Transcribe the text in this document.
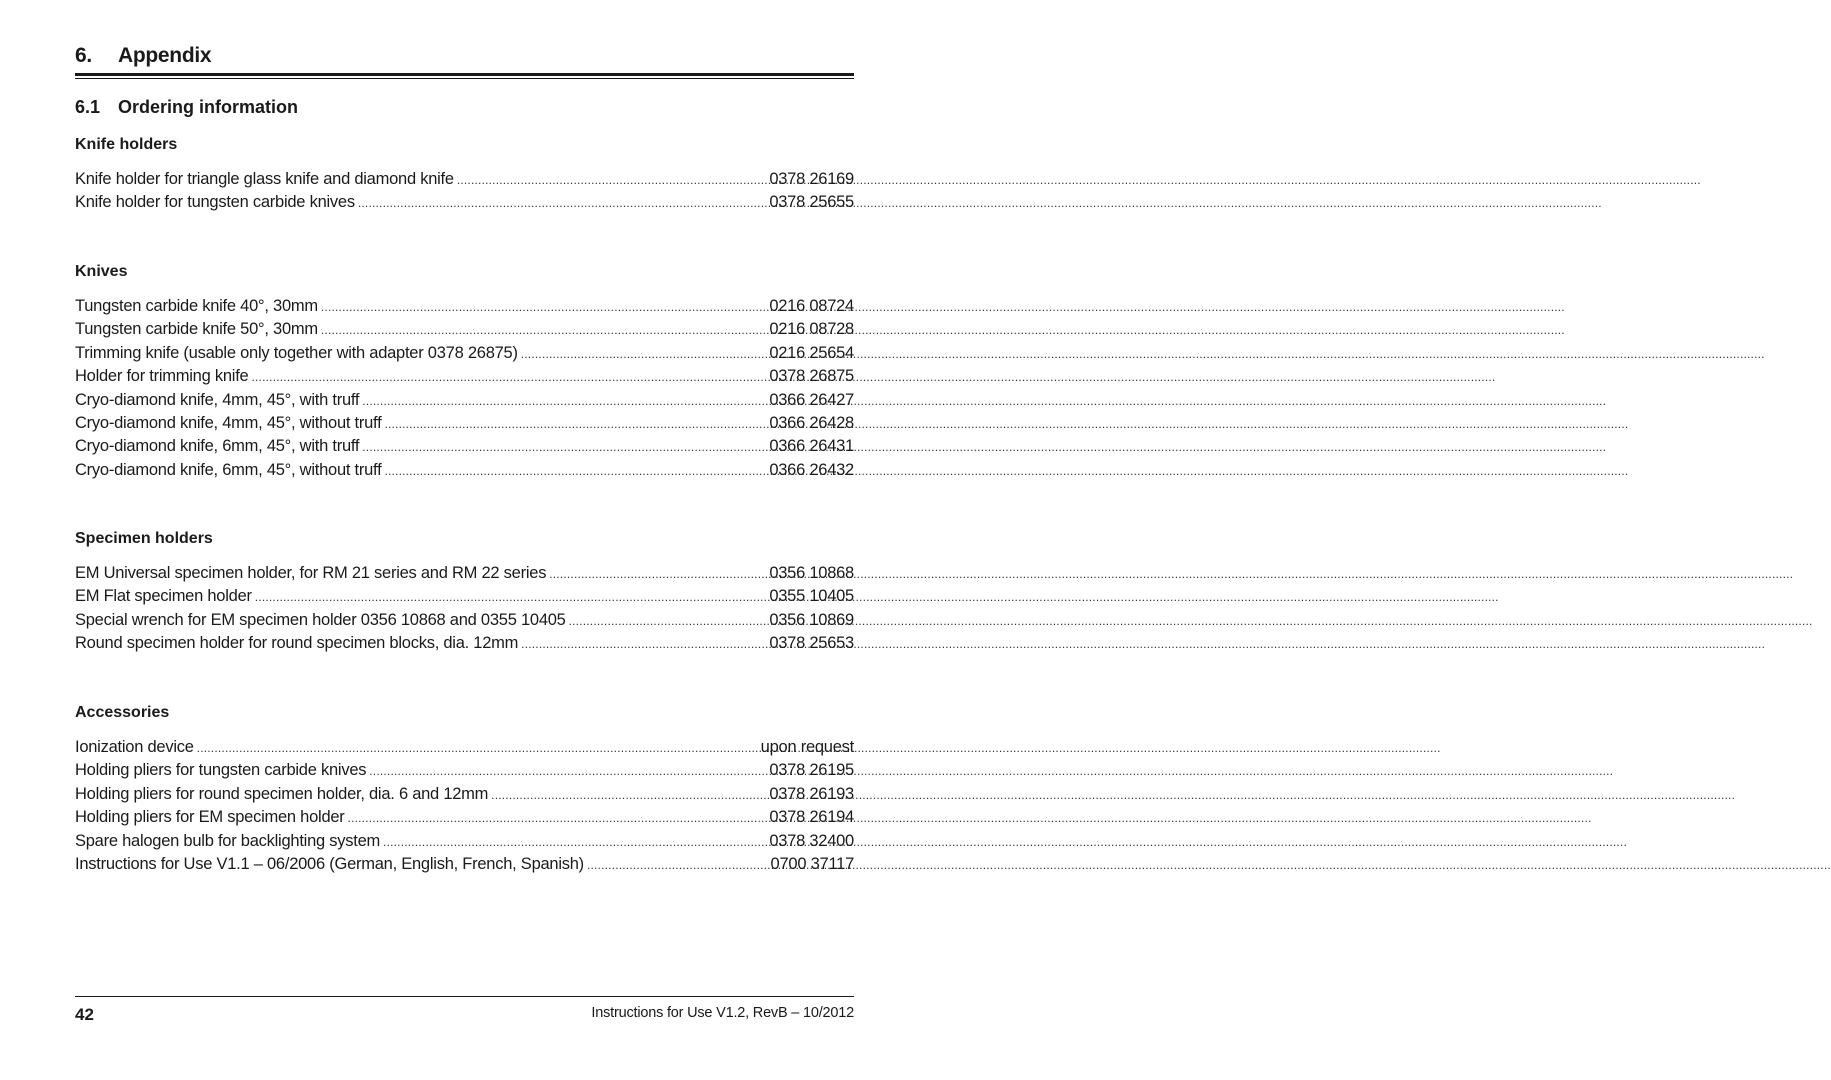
6. Appendix
6.1 Ordering information
Knife holders
Knife holder for triangle glass knife and diamond knife .....	0378 26169
Knife holder for tungsten carbide knives .....	0378 25655
Knives
Tungsten carbide knife 40°, 30mm .....	0216 08724
Tungsten carbide knife 50°, 30mm .....	0216 08728
Trimming knife (usable only together with adapter 0378 26875) .....	0216 25654
Holder for trimming knife .....	0378 26875
Cryo-diamond knife, 4mm, 45°, with truff .....	0366 26427
Cryo-diamond knife, 4mm, 45°, without truff .....	0366 26428
Cryo-diamond knife, 6mm, 45°, with truff .....	0366 26431
Cryo-diamond knife, 6mm, 45°, without truff .....	0366 26432
Specimen holders
EM Universal specimen holder, for RM 21 series and RM 22 series .....	0356 10868
EM Flat specimen holder .....	0355 10405
Special wrench for EM specimen holder 0356 10868 and 0355 10405 .....	0356 10869
Round specimen holder for round specimen blocks, dia. 12mm .....	0378 25653
Accessories
Ionization device .....	upon request
Holding pliers for tungsten carbide knives .....	0378 26195
Holding pliers for round specimen holder, dia. 6 and 12mm .....	0378 26193
Holding pliers for EM specimen holder .....	0378 26194
Spare halogen bulb for backlighting system .....	0378 32400
Instructions for Use V1.1 – 06/2006 (German, English, French, Spanish) .....	0700 37117
42	Instructions for Use V1.2, RevB – 10/2012
